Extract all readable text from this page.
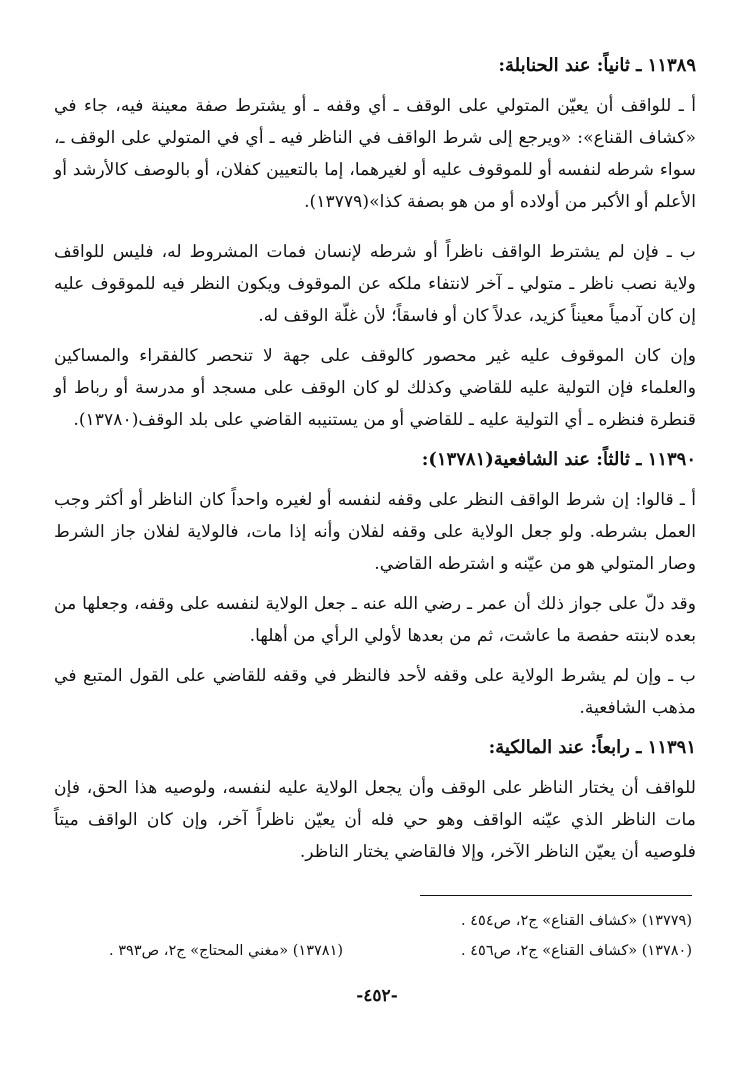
١١٣٨٩ ـ ثانياً: عند الحنابلة:

أ ـ للواقف أن يعيّن المتولي على الوقف ـ أي وقفه ـ أو يشترط صفة معينة فيه، جاء في «كشاف القناع»: «ويرجع إلى شرط الواقف في الناظر فيه ـ أي في المتولي على الوقف ـ، سواء شرطه لنفسه أو للموقوف عليه أو لغيرهما، إما بالتعيين كفلان، أو بالوصف كالأرشد أو الأعلم أو الأكبر من أولاده أو من هو بصفة كذا»(١٣٧٧٩).

ب ـ فإن لم يشترط الواقف ناظراً أو شرطه لإنسان فمات المشروط له، فليس للواقف ولاية نصب ناظر ـ متولي ـ آخر لانتفاء ملكه عن الموقوف ويكون النظر فيه للموقوف عليه إن كان آدمياً معيناً كزيد، عدلاً كان أو فاسقاً؛ لأن غلّة الوقف له.

وإن كان الموقوف عليه غير محصور كالوقف على جهة لا تنحصر كالفقراء والمساكين والعلماء فإن التولية عليه للقاضي وكذلك لو كان الوقف على مسجد أو مدرسة أو رباط أو قنطرة فنظره ـ أي التولية عليه ـ للقاضي أو من يستنيبه القاضي على بلد الوقف(١٣٧٨٠).

١١٣٩٠ ـ ثالثاً: عند الشافعية(١٣٧٨١):

أ ـ قالوا: إن شرط الواقف النظر على وقفه لنفسه أو لغيره واحداً كان الناظر أو أكثر وجب العمل بشرطه. ولو جعل الولاية على وقفه لفلان وأنه إذا مات، فالولاية لفلان جاز الشرط وصار المتولي هو من عيّنه و اشترطه القاضي.

وقد دلّ على جواز ذلك أن عمر ـ رضي الله عنه ـ جعل الولاية لنفسه على وقفه، وجعلها من بعده لابنته حفصة ما عاشت، ثم من بعدها لأولي الرأي من أهلها.

ب ـ وإن لم يشرط الولاية على وقفه لأحد فالنظر في وقفه للقاضي على القول المتبع في مذهب الشافعية.

١١٣٩١ ـ رابعاً: عند المالكية:

للواقف أن يختار الناظر على الوقف وأن يجعل الولاية عليه لنفسه، ولوصيه هذا الحق، فإن مات الناظر الذي عيّنه الواقف وهو حي فله أن يعيّن ناظراً آخر، وإن كان الواقف ميتاً فلوصيه أن يعيّن الناظر الآخر، وإلا فالقاضي يختار الناظر.

(١٣٧٧٩) «كشاف القناع» ج٢، ص٤٥٤ .
(١٣٧٨٠) «كشاف القناع» ج٢، ص٤٥٦ .
(١٣٧٨١) «مغني المحتاج» ج٢، ص٣٩٣ .
-٤٥٢-
